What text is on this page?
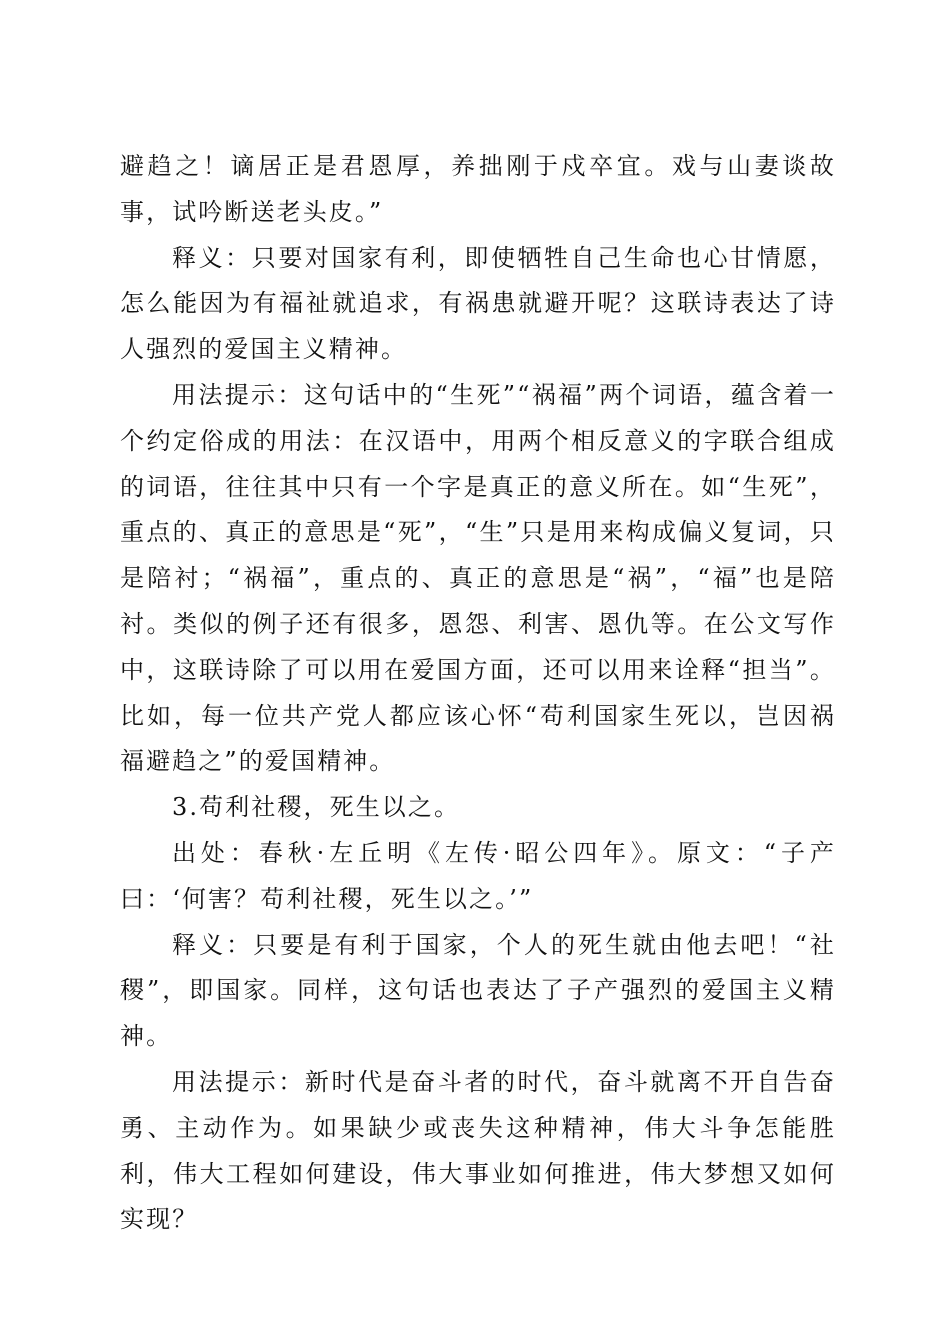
避趋之！谪居正是君恩厚，养拙刚于戍卒宜。戏与山妻谈故事，试吟断送老头皮。”

释义：只要对国家有利，即使牺牲自己生命也心甘情愿，怎么能因为有福祉就追求，有祸患就避开呢？这联诗表达了诗人强烈的爱国主义精神。

用法提示：这句话中的“生死”“祸福”两个词语，蕴含着一个约定俗成的用法：在汉语中，用两个相反意义的字联合组成的词语，往往其中只有一个字是真正的意义所在。如“生死”，重点的、真正的意思是“死”，“生”只是用来构成偏义复词，只是陪衬；“祸福”，重点的、真正的意思是“祸”，“福”也是陪衬。类似的例子还有很多，恩怨、利害、恩仇等。在公文写作中，这联诗除了可以用在爱国方面，还可以用来诠释“担当”。比如，每一位共产党人都应该心怀“苟利国家生死以，岂因祸福避趋之”的爱国精神。

3.苟利社稷，死生以之。

出处：春秋·左丘明《左传·昭公四年》。原文：“子产曰：‘何害？苟利社稷，死生以之。’”

释义：只要是有利于国家，个人的死生就由他去吧！“社稷”，即国家。同样，这句话也表达了子产强烈的爱国主义精神。

用法提示：新时代是奋斗者的时代，奋斗就离不开自告奋勇、主动作为。如果缺少或丧失这种精神，伟大斗争怎能胜利，伟大工程如何建设，伟大事业如何推进，伟大梦想又如何实现？
